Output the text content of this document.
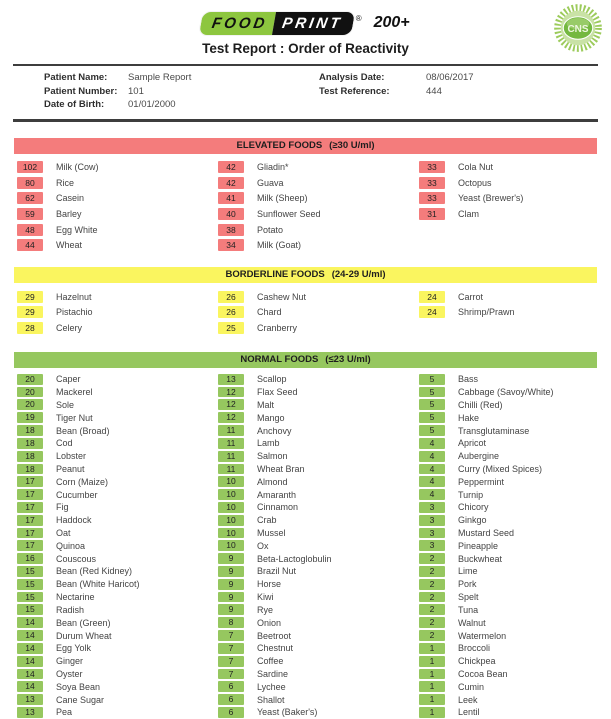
FOOD PRINT	® 200+
Test Report : Order of Reactivity
CNS
Patient Name:	Sample Report
Patient Number:	101
Date of Birth:	01/01/2000
Analysis Date:	08/06/2017
Test Reference:	444
ELEVATED FOODS (≥30 U/ml)
102	Milk (Cow)
80	Rice
62	Casein
59	Barley
48	Egg White
44	Wheat
42	Gliadin*
42	Guava
41	Milk (Sheep)
40	Sunflower Seed
38	Potato
34	Milk (Goat)
33	Cola Nut
33	Octopus
33	Yeast (Brewer's)
31	Clam
BORDERLINE FOODS (24-29 U/ml)
29	Hazelnut
29	Pistachio
28	Celery
26	Cashew Nut
26	Chard
25	Cranberry
24	Carrot
24	Shrimp/Prawn
NORMAL FOODS (≤23 U/ml)
20	Caper
20	Mackerel
20	Sole
19	Tiger Nut
18	Bean (Broad)
18	Cod
18	Lobster
18	Peanut
17	Corn (Maize)
17	Cucumber
17	Fig
17	Haddock
17	Oat
17	Quinoa
16	Couscous
15	Bean (Red Kidney)
15	Bean (White Haricot)
15	Nectarine
15	Radish
14	Bean (Green)
14	Durum Wheat
14	Egg Yolk
14	Ginger
14	Oyster
14	Soya Bean
13	Cane Sugar
13	Pea
13	Scallop
12	Flax Seed
12	Malt
12	Mango
11	Anchovy
11	Lamb
11	Salmon
11	Wheat Bran
10	Almond
10	Amaranth
10	Cinnamon
10	Crab
10	Mussel
10	Ox
9	Beta-Lactoglobulin
9	Brazil Nut
9	Horse
9	Kiwi
9	Rye
8	Onion
7	Beetroot
7	Chestnut
7	Coffee
7	Sardine
6	Lychee
6	Shallot
6	Yeast (Baker's)
5	Bass
5	Cabbage (Savoy/White)
5	Chilli (Red)
5	Hake
5	Transglutaminase
4	Apricot
4	Aubergine
4	Curry (Mixed Spices)
4	Peppermint
4	Turnip
3	Chicory
3	Ginkgo
3	Mustard Seed
3	Pineapple
2	Buckwheat
2	Lime
2	Pork
2	Spelt
2	Tuna
2	Walnut
2	Watermelon
1	Broccoli
1	Chickpea
1	Cocoa Bean
1	Cumin
1	Leek
1	Lentil
